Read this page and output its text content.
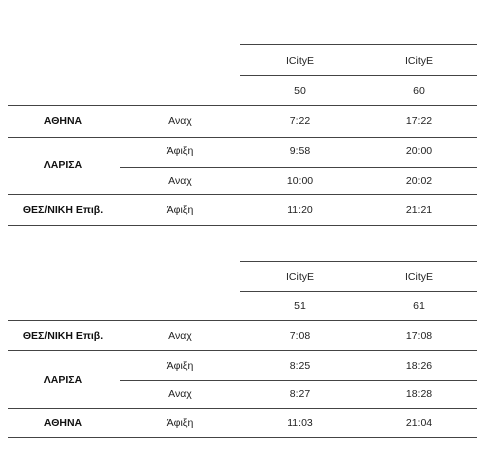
ICityE	ICityE
50	60
ΑΘΗΝΑ	Αναχ	7:22	17:22
ΛΑΡΙΣΑ
Άφιξη	9:58	20:00
Αναχ	10:00	20:02
ΘΕΣ/ΝΙΚΗ Επιβ.	Άφιξη	11:20	21:21
ICityE	ICityE
51	61
ΘΕΣ/ΝΙΚΗ Επιβ.	Αναχ	7:08	17:08
ΛΑΡΙΣΑ
Άφιξη	8:25	18:26
Αναχ	8:27	18:28
ΑΘΗΝΑ	Άφιξη	11:03	21:04
